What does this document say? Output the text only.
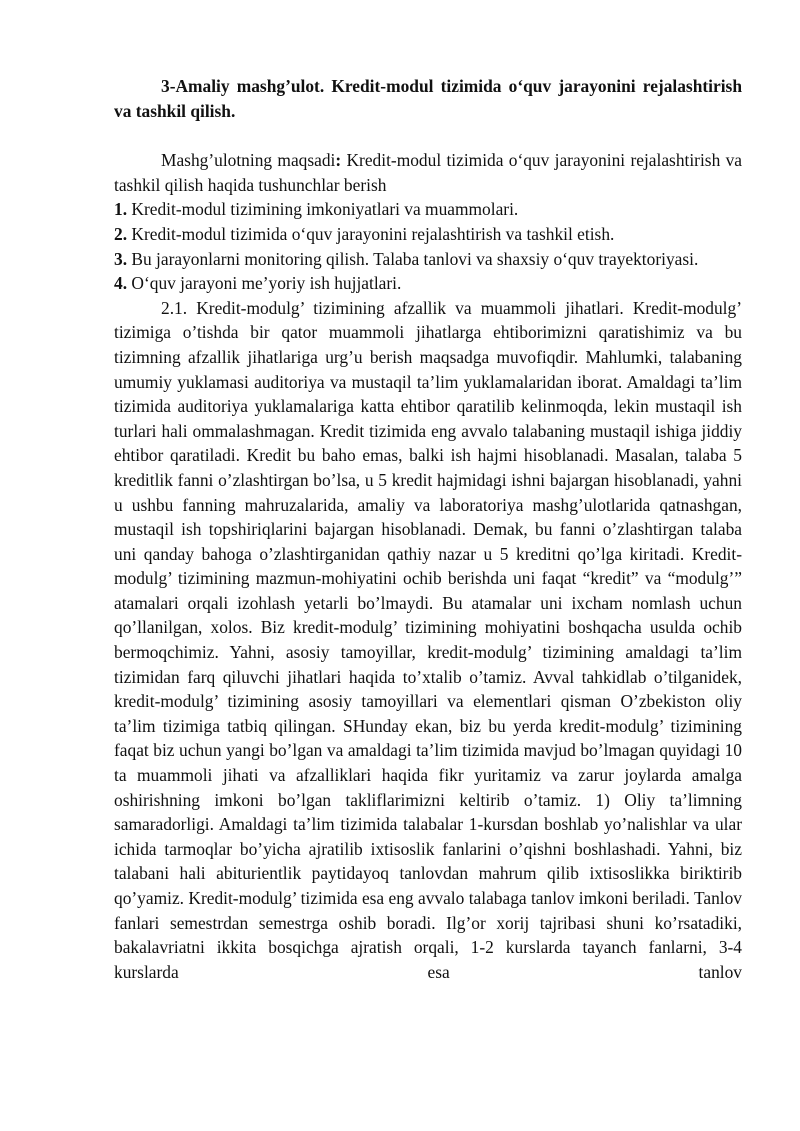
3-Amaliy mashg’ulot. Kredit-modul tizimida o‘quv jarayonini rejalashtirish va tashkil qilish.

Mashg’ulotning maqsadi: Kredit-modul tizimida o‘quv jarayonini rejalashtirish va tashkil qilish haqida tushunchlar berish

1. Kredit-modul tizimining imkoniyatlari va muammolari.

2. Kredit-modul tizimida o‘quv jarayonini rejalashtirish va tashkil etish.

3. Bu jarayonlarni monitoring qilish. Talaba tanlovi va shaxsiy o‘quv trayektoriyasi.

4. O‘quv jarayoni me’yoriy ish hujjatlari.

2.1. Kredit-modulg’ tizimining afzallik va muammoli jihatlari. Kredit-modulg’ tizimiga o’tishda bir qator muammoli jihatlarga ehtiborimizni qaratishimiz va bu tizimning afzallik jihatlariga urg’u berish maqsadga muvofiqdir. Mahlumki, talabaning umumiy yuklamasi auditoriya va mustaqil ta’lim yuklamalaridan iborat. Amaldagi ta’lim tizimida auditoriya yuklamalariga katta ehtibor qaratilib kelinmoqda, lekin mustaqil ish turlari hali ommalashmagan. Kredit tizimida eng avvalo talabaning mustaqil ishiga jiddiy ehtibor qaratiladi. Kredit bu baho emas, balki ish hajmi hisoblanadi. Masalan, talaba 5 kreditlik fanni o’zlashtirgan bo’lsa, u 5 kredit hajmidagi ishni bajargan hisoblanadi, yahni u ushbu fanning mahruzalarida, amaliy va laboratoriya mashg’ulotlarida qatnashgan, mustaqil ish topshiriqlarini bajargan hisoblanadi. Demak, bu fanni o’zlashtirgan talaba uni qanday bahoga o’zlashtirganidan qathiy nazar u 5 kreditni qo’lga kiritadi. Kredit-modulg’ tizimining mazmun-mohiyatini ochib berishda uni faqat “kredit” va “modulg’” atamalari orqali izohlash yetarli bo’lmaydi. Bu atamalar uni ixcham nomlash uchun qo’llanilgan, xolos. Biz kredit-modulg’ tizimining mohiyatini boshqacha usulda ochib bermoqchimiz. Yahni, asosiy tamoyillar, kredit-modulg’ tizimining amaldagi ta’lim tizimidan farq qiluvchi jihatlari haqida to’xtalib o’tamiz. Avval tahkidlab o’tilganidek, kredit-modulg’ tizimining asosiy tamoyillari va elementlari qisman O’zbekiston oliy ta’lim tizimiga tatbiq qilingan. SHunday ekan, biz bu yerda kredit-modulg’ tizimining faqat biz uchun yangi bo’lgan va amaldagi ta’lim tizimida mavjud bo’lmagan quyidagi 10 ta muammoli jihati va afzalliklari haqida fikr yuritamiz va zarur joylarda amalga oshirishning imkoni bo’lgan takliflarimizni keltirib o’tamiz. 1) Oliy ta’limning samaradorligi. Amaldagi ta’lim tizimida talabalar 1-kursdan boshlab yo’nalishlar va ular ichida tarmoqlar bo’yicha ajratilib ixtisoslik fanlarini o’qishni boshlashadi. Yahni, biz talabani hali abiturientlik paytidayoq tanlovdan mahrum qilib ixtisoslikka biriktirib qo’yamiz. Kredit-modulg’ tizimida esa eng avvalo talabaga tanlov imkoni beriladi. Tanlov fanlari semestrdan semestrga oshib boradi. Ilg’or xorij tajribasi shuni ko’rsatadiki, bakalavriatni ikkita bosqichga ajratish orqali, 1-2 kurslarda tayanch fanlarni, 3-4 kurslarda esa tanlov
